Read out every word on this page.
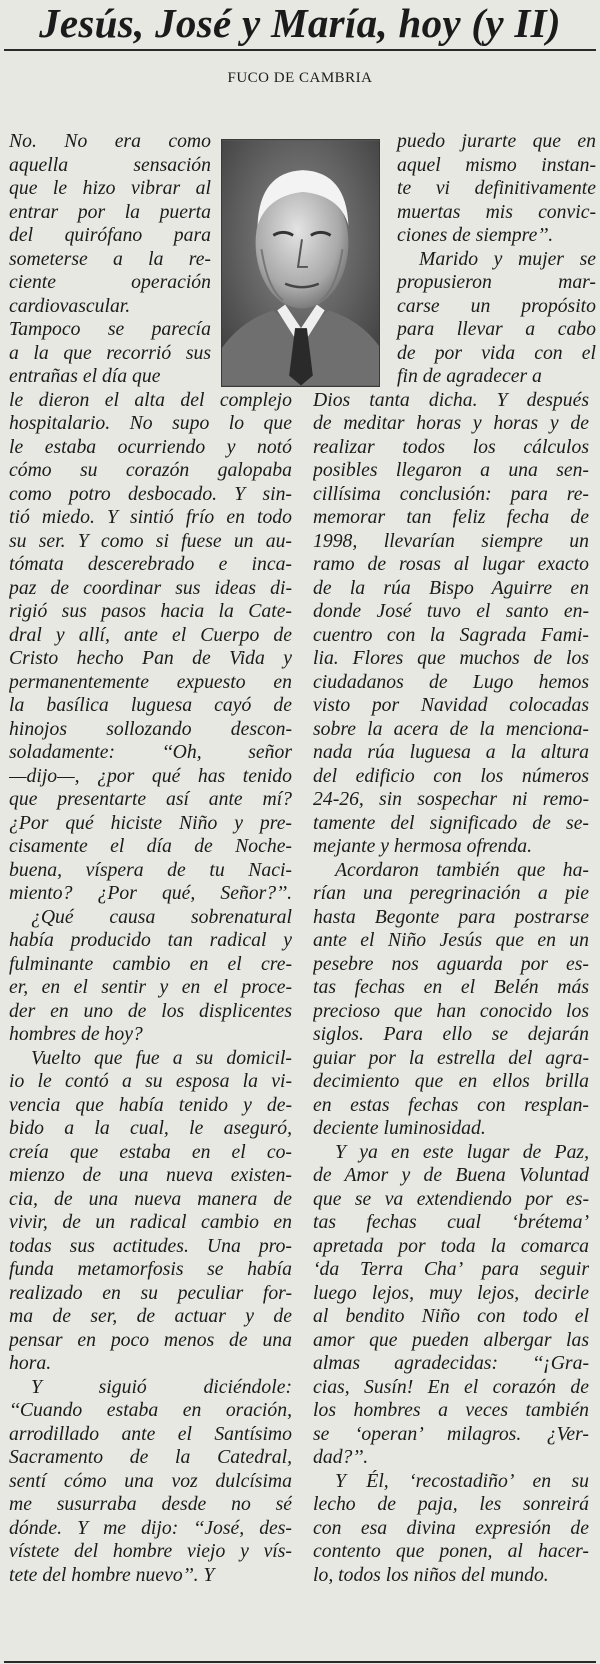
Jesús, José y María, hoy (y II)
FUCO DE CAMBRIA
No. No era como
aquella sensación
que le hizo vibrar al
entrar por la puerta
del quirófano para
someterse a la re-
ciente operación
cardiovascular.
Tampoco se parecía
a la que recorrió sus
entrañas el día que
le dieron el alta del complejo
hospitalario. No supo lo que
le estaba ocurriendo y notó
cómo su corazón galopaba
como potro desbocado. Y sin-
tió miedo. Y sintió frío en todo
su ser. Y como si fuese un au-
tómata descerebrado e inca-
paz de coordinar sus ideas di-
rigió sus pasos hacia la Cate-
dral y allí, ante el Cuerpo de
Cristo hecho Pan de Vida y
permanentemente expuesto en
la basílica luguesa cayó de
hinojos sollozando descon-
soladamente: ‘‘Oh, señor
—dijo—, ¿por qué has tenido
que presentarte así ante mí?
¿Por qué hiciste Niño y pre-
cisamente el día de Noche-
buena, víspera de tu Naci-
miento? ¿Por qué, Señor?’’.
¿Qué causa sobrenatural
había producido tan radical y
fulminante cambio en el cre-
er, en el sentir y en el proce-
der en uno de los displicentes
hombres de hoy?
Vuelto que fue a su domicil-
io le contó a su esposa la vi-
vencia que había tenido y de-
bido a la cual, le aseguró,
creía que estaba en el co-
mienzo de una nueva existen-
cia, de una nueva manera de
vivir, de un radical cambio en
todas sus actitudes. Una pro-
funda metamorfosis se había
realizado en su peculiar for-
ma de ser, de actuar y de
pensar en poco menos de una
hora.
Y siguió diciéndole:
‘‘Cuando estaba en oración,
arrodillado ante el Santísimo
Sacramento de la Catedral,
sentí cómo una voz dulcísima
me susurraba desde no sé
dónde. Y me dijo: ‘‘José, des-
vístete del hombre viejo y vís-
tete del hombre nuevo’’. Y
puedo jurarte que en
aquel mismo instan-
te vi definitivamente
muertas mis convic-
ciones de siempre’’.
Marido y mujer se
propusieron mar-
carse un propósito
para llevar a cabo
de por vida con el
fin de agradecer a
Dios tanta dicha. Y después
de meditar horas y horas y de
realizar todos los cálculos
posibles llegaron a una sen-
cillísima conclusión: para re-
memorar tan feliz fecha de
1998, llevarían siempre un
ramo de rosas al lugar exacto
de la rúa Bispo Aguirre en
donde José tuvo el santo en-
cuentro con la Sagrada Fami-
lia. Flores que muchos de los
ciudadanos de Lugo hemos
visto por Navidad colocadas
sobre la acera de la menciona-
nada rúa luguesa a la altura
del edificio con los números
24-26, sin sospechar ni remo-
tamente del significado de se-
mejante y hermosa ofrenda.
Acordaron también que ha-
rían una peregrinación a pie
hasta Begonte para postrarse
ante el Niño Jesús que en un
pesebre nos aguarda por es-
tas fechas en el Belén más
precioso que han conocido los
siglos. Para ello se dejarán
guiar por la estrella del agra-
decimiento que en ellos brilla
en estas fechas con resplan-
deciente luminosidad.
Y ya en este lugar de Paz,
de Amor y de Buena Voluntad
que se va extendiendo por es-
tas fechas cual ‘brétema’
apretada por toda la comarca
‘da Terra Cha’ para seguir
luego lejos, muy lejos, decirle
al bendito Niño con todo el
amor que pueden albergar las
almas agradecidas: ‘‘¡Gra-
cias, Susín! En el corazón de
los hombres a veces también
se ‘operan’ milagros. ¿Ver-
dad?’’.
Y Él, ‘recostadiño’ en su
lecho de paja, les sonreirá
con esa divina expresión de
contento que ponen, al hacer-
lo, todos los niños del mundo.
